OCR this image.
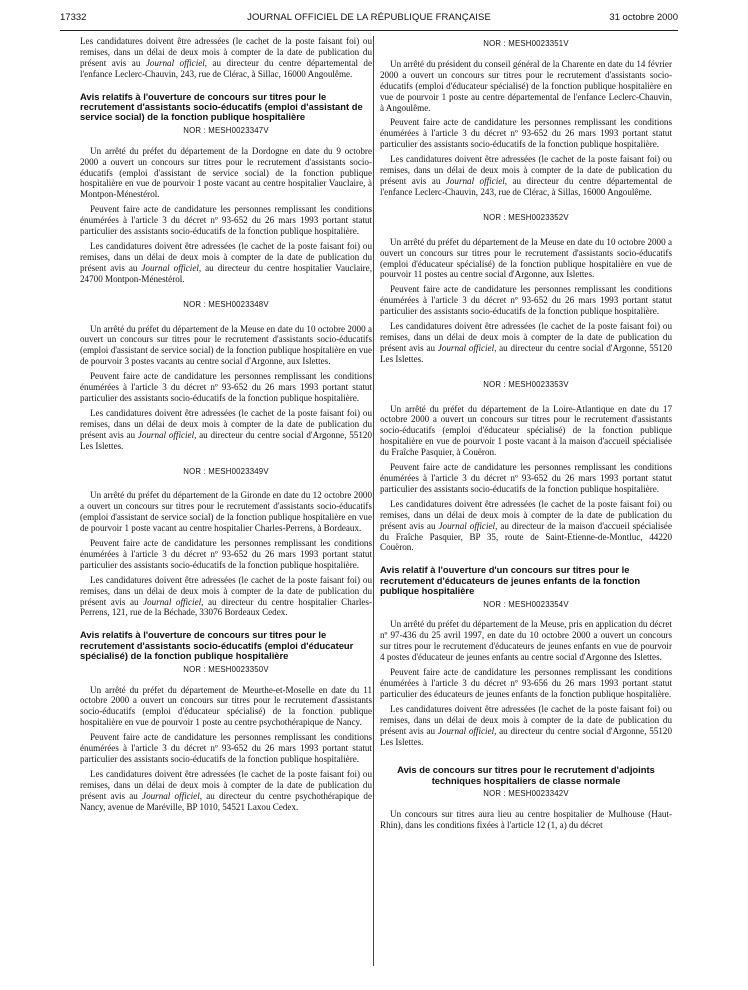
17332	JOURNAL OFFICIEL DE LA RÉPUBLIQUE FRANÇAISE	31 octobre 2000

Les candidatures doivent être adressées (le cachet de la poste faisant foi) ou remises, dans un délai de deux mois à compter de la date de publication du présent avis au Journal officiel, au directeur du centre départemental de l'enfance Leclerc-Chauvin, 243, rue de Clérac, à Sillac, 16000 Angoulême.

Avis relatifs à l'ouverture de concours sur titres pour le recrutement d'assistants socio-éducatifs (emploi d'assistant de service social) de la fonction publique hospitalière
NOR : MESH0023347V

Un arrêté du préfet du département de la Dordogne en date du 9 octobre 2000 a ouvert un concours sur titres pour le recrutement d'assistants socio-éducatifs (emploi d'assistant de service social) de la fonction publique hospitalière en vue de pourvoir 1 poste vacant au centre hospitalier Vauclaire, à Montpon-Ménestérol.

Peuvent faire acte de candidature les personnes remplissant les conditions énumérées à l'article 3 du décret nº 93-652 du 26 mars 1993 portant statut particulier des assistants socio-éducatifs de la fonction publique hospitalière.

Les candidatures doivent être adressées (le cachet de la poste faisant foi) ou remises, dans un délai de deux mois à compter de la date de publication du présent avis au Journal officiel, au directeur du centre hospitalier Vauclaire, 24700 Montpon-Ménestérol.

NOR : MESH0023348V

Un arrêté du préfet du département de la Meuse en date du 10 octobre 2000 a ouvert un concours sur titres pour le recrutement d'assistants socio-éducatifs (emploi d'assistant de service social) de la fonction publique hospitalière en vue de pourvoir 3 postes vacants au centre social d'Argonne, aux Islettes.

Peuvent faire acte de candidature les personnes remplissant les conditions énumérées à l'article 3 du décret nº 93-652 du 26 mars 1993 portant statut particulier des assistants socio-éducatifs de la fonction publique hospitalière.

Les candidatures doivent être adressées (le cachet de la poste faisant foi) ou remises, dans un délai de deux mois à compter de la date de publication du présent avis au Journal officiel, au directeur du centre social d'Argonne, 55120 Les Islettes.

NOR : MESH0023349V

Un arrêté du préfet du département de la Gironde en date du 12 octobre 2000 a ouvert un concours sur titres pour le recrutement d'assistants socio-éducatifs (emploi d'assistant de service social) de la fonction publique hospitalière en vue de pourvoir 1 poste vacant au centre hospitalier Charles-Perrens, à Bordeaux.

Peuvent faire acte de candidature les personnes remplissant les conditions énumérées à l'article 3 du décret nº 93-652 du 26 mars 1993 portant statut particulier des assistants socio-éducatifs de la fonction publique hospitalière.

Les candidatures doivent être adressées (le cachet de la poste faisant foi) ou remises, dans un délai de deux mois à compter de la date de publication du présent avis au Journal officiel, au directeur du centre hospitalier Charles-Perrens, 121, rue de la Béchade, 33076 Bordeaux Cedex.

Avis relatifs à l'ouverture de concours sur titres pour le recrutement d'assistants socio-éducatifs (emploi d'éducateur spécialisé) de la fonction publique hospitalière
NOR : MESH0023350V

Un arrêté du préfet du département de Meurthe-et-Moselle en date du 11 octobre 2000 a ouvert un concours sur titres pour le recrutement d'assistants socio-éducatifs (emploi d'éducateur spécialisé) de la fonction publique hospitalière en vue de pourvoir 1 poste au centre psychothérapique de Nancy.

Peuvent faire acte de candidature les personnes remplissant les conditions énumérées à l'article 3 du décret nº 93-652 du 26 mars 1993 portant statut particulier des assistants socio-éducatifs de la fonction publique hospitalière.

Les candidatures doivent être adressées (le cachet de la poste faisant foi) ou remises, dans un délai de deux mois à compter de la date de publication du présent avis au Journal officiel, au directeur du centre psychothérapique de Nancy, avenue de Maréville, BP 1010, 54521 Laxou Cedex.

NOR : MESH0023351V

Un arrêté du président du conseil général de la Charente en date du 14 février 2000 a ouvert un concours sur titres pour le recrutement d'assistants socio-éducatifs (emploi d'éducateur spécialisé) de la fonction publique hospitalière en vue de pourvoir 1 poste au centre départemental de l'enfance Leclerc-Chauvin, à Angoulême.

Peuvent faire acte de candidature les personnes remplissant les conditions énumérées à l'article 3 du décret nº 93-652 du 26 mars 1993 portant statut particulier des assistants socio-éducatifs de la fonction publique hospitalière.

Les candidatures doivent être adressées (le cachet de la poste faisant foi) ou remises, dans un délai de deux mois à compter de la date de publication du présent avis au Journal officiel, au directeur du centre départemental de l'enfance Leclerc-Chauvin, 243, rue de Clérac, à Sillas, 16000 Angoulême.

NOR : MESH0023352V

Un arrêté du préfet du département de la Meuse en date du 10 octobre 2000 a ouvert un concours sur titres pour le recrutement d'assistants socio-éducatifs (emploi d'éducateur spécialisé) de la fonction publique hospitalière en vue de pourvoir 11 postes au centre social d'Argonne, aux Islettes.

Peuvent faire acte de candidature les personnes remplissant les conditions énumérées à l'article 3 du décret nº 93-652 du 26 mars 1993 portant statut particulier des assistants socio-éducatifs de la fonction publique hospitalière.

Les candidatures doivent être adressées (le cachet de la poste faisant foi) ou remises, dans un délai de deux mois à compter de la date de publication du présent avis au Journal officiel, au directeur du centre social d'Argonne, 55120 Les Islettes.

NOR : MESH0023353V

Un arrêté du préfet du département de la Loire-Atlantique en date du 17 octobre 2000 a ouvert un concours sur titres pour le recrutement d'assistants socio-éducatifs (emploi d'éducateur spécialisé) de la fonction publique hospitalière en vue de pourvoir 1 poste vacant à la maison d'accueil spécialisée du Fraîche Pasquier, à Couëron.

Peuvent faire acte de candidature les personnes remplissant les conditions énumérées à l'article 3 du décret nº 93-652 du 26 mars 1993 portant statut particulier des assistants socio-éducatifs de la fonction publique hospitalière.

Les candidatures doivent être adressées (le cachet de la poste faisant foi) ou remises, dans un délai de deux mois à compter de la date de publication du présent avis au Journal officiel, au directeur de la maison d'accueil spécialisée du Fraîche Pasquier, BP 35, route de Saint-Etienne-de-Montluc, 44220 Couëron.

Avis relatif à l'ouverture d'un concours sur titres pour le recrutement d'éducateurs de jeunes enfants de la fonction publique hospitalière
NOR : MESH0023354V

Un arrêté du préfet du département de la Meuse, pris en application du décret nº 97-436 du 25 avril 1997, en date du 10 octobre 2000 a ouvert un concours sur titres pour le recrutement d'éducateurs de jeunes enfants en vue de pourvoir 4 postes d'éducateur de jeunes enfants au centre social d'Argonne des Islettes.

Peuvent faire acte de candidature les personnes remplissant les conditions énumérées à l'article 3 du décret nº 93-656 du 26 mars 1993 portant statut particulier des éducateurs de jeunes enfants de la fonction publique hospitalière.

Les candidatures doivent être adressées (le cachet de la poste faisant foi) ou remises, dans un délai de deux mois à compter de la date de publication du présent avis au Journal officiel, au directeur du centre social d'Argonne, 55120 Les Islettes.

Avis de concours sur titres pour le recrutement d'adjoints techniques hospitaliers de classe normale
NOR : MESH0023342V

Un concours sur titres aura lieu au centre hospitalier de Mulhouse (Haut-Rhin), dans les conditions fixées à l'article 12 (1, a) du décret
